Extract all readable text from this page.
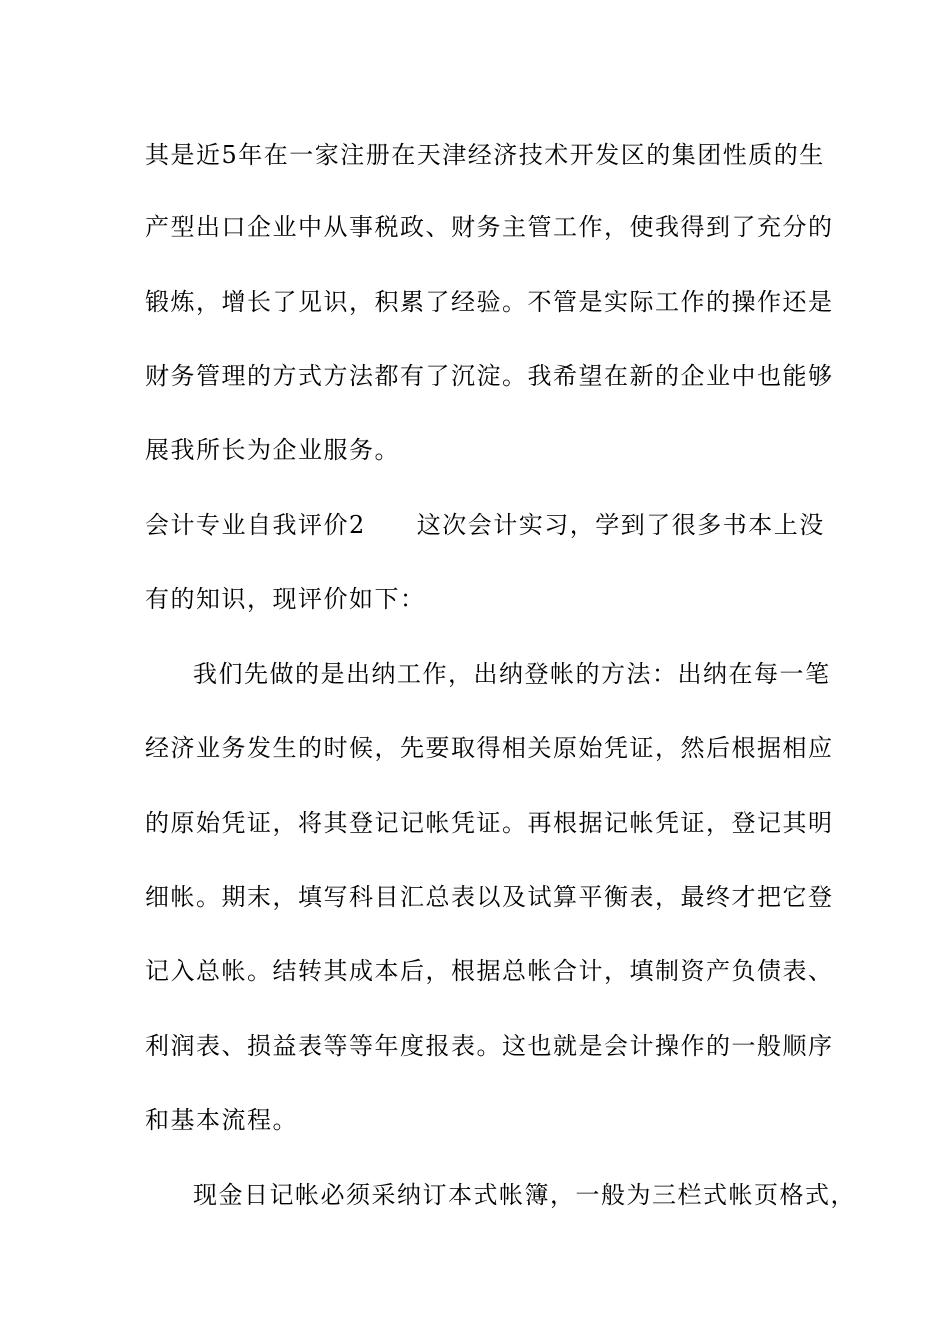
其是近5年在一家注册在天津经济技术开发区的集团性质的生
产型出口企业中从事税政、财务主管工作，使我得到了充分的
锻炼，增长了见识，积累了经验。不管是实际工作的操作还是
财务管理的方式方法都有了沉淀。我希望在新的企业中也能够
展我所长为企业服务。
会计专业自我评价2　　这次会计实习，学到了很多书本上没
有的知识，现评价如下：
我们先做的是出纳工作，出纳登帐的方法：出纳在每一笔
经济业务发生的时候，先要取得相关原始凭证，然后根据相应
的原始凭证，将其登记记帐凭证。再根据记帐凭证，登记其明
细帐。期末，填写科目汇总表以及试算平衡表，最终才把它登
记入总帐。结转其成本后，根据总帐合计，填制资产负债表、
利润表、损益表等等年度报表。这也就是会计操作的一般顺序
和基本流程。
现金日记帐必须采纳订本式帐簿，一般为三栏式帐页格式，
